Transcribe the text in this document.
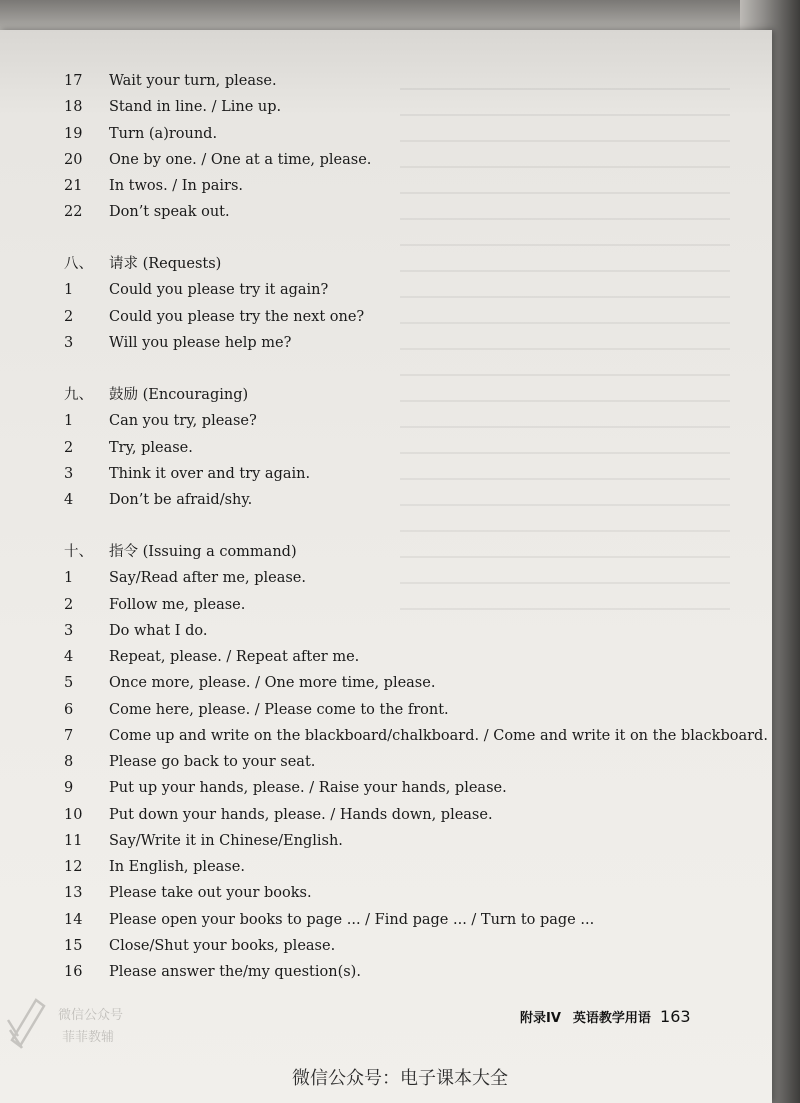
17 Wait your turn, please.
18 Stand in line. / Line up.
19 Turn (a)round.
20 One by one. / One at a time, please.
21 In twos. / In pairs.
22 Don’t speak out.
八、 请求 (Requests)
1 Could you please try it again?
2 Could you please try the next one?
3 Will you please help me?
九、 鼓励 (Encouraging)
1 Can you try, please?
2 Try, please.
3 Think it over and try again.
4 Don’t be afraid/shy.
十、 指令 (Issuing a command)
1 Say/Read after me, please.
2 Follow me, please.
3 Do what I do.
4 Repeat, please. / Repeat after me.
5 Once more, please. / One more time, please.
6 Come here, please. / Please come to the front.
7 Come up and write on the blackboard/chalkboard. / Come and write it on the blackboard.
8 Please go back to your seat.
9 Put up your hands, please. / Raise your hands, please.
10 Put down your hands, please. / Hands down, please.
11 Say/Write it in Chinese/English.
12 In English, please.
13 Please take out your books.
14 Please open your books to page ... / Find page ... / Turn to page ...
15 Close/Shut your books, please.
16 Please answer the/my question(s).
附录IV 英语教学用语 163
微信公众号
菲菲教辅
微信公众号：电子课本大全
